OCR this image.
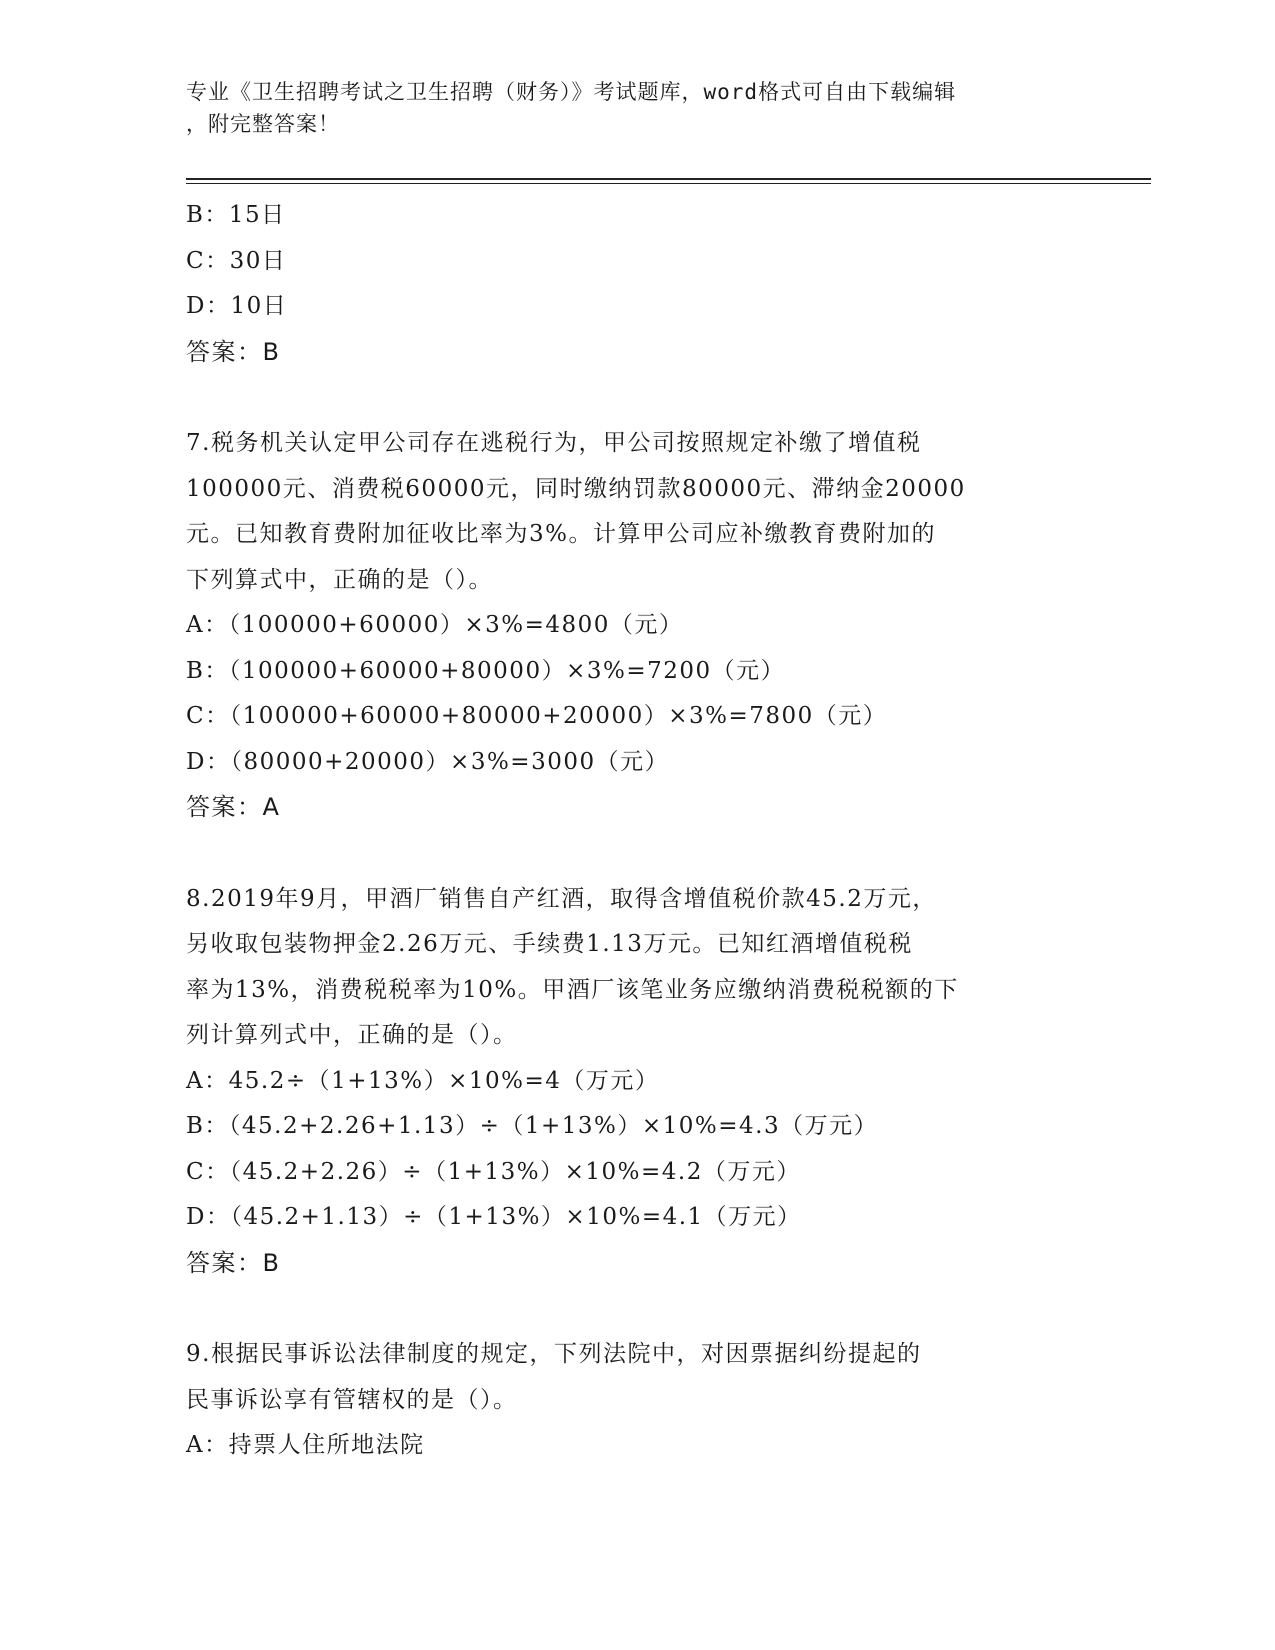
专业《卫生招聘考试之卫生招聘（财务）》考试题库，word格式可自由下载编辑
，附完整答案！
B：15日
C：30日
D：10日
答案：B
7.税务机关认定甲公司存在逃税行为，甲公司按照规定补缴了增值税
100000元、消费税60000元，同时缴纳罚款80000元、滞纳金20000
元。已知教育费附加征收比率为3%。计算甲公司应补缴教育费附加的
下列算式中，正确的是（）。
A：（100000+60000）×3%=4800（元）
B：（100000+60000+80000）×3%=7200（元）
C：（100000+60000+80000+20000）×3%=7800（元）
D：（80000+20000）×3%=3000（元）
答案：A
8.2019年9月，甲酒厂销售自产红酒，取得含增值税价款45.2万元，
另收取包装物押金2.26万元、手续费1.13万元。已知红酒增值税税
率为13%，消费税税率为10%。甲酒厂该笔业务应缴纳消费税税额的下
列计算列式中，正确的是（）。
A：45.2÷（1+13%）×10%=4（万元）
B：（45.2+2.26+1.13）÷（1+13%）×10%=4.3（万元）
C：（45.2+2.26）÷（1+13%）×10%=4.2（万元）
D：（45.2+1.13）÷（1+13%）×10%=4.1（万元）
答案：B
9.根据民事诉讼法律制度的规定，下列法院中，对因票据纠纷提起的
民事诉讼享有管辖权的是（）。
A：持票人住所地法院
